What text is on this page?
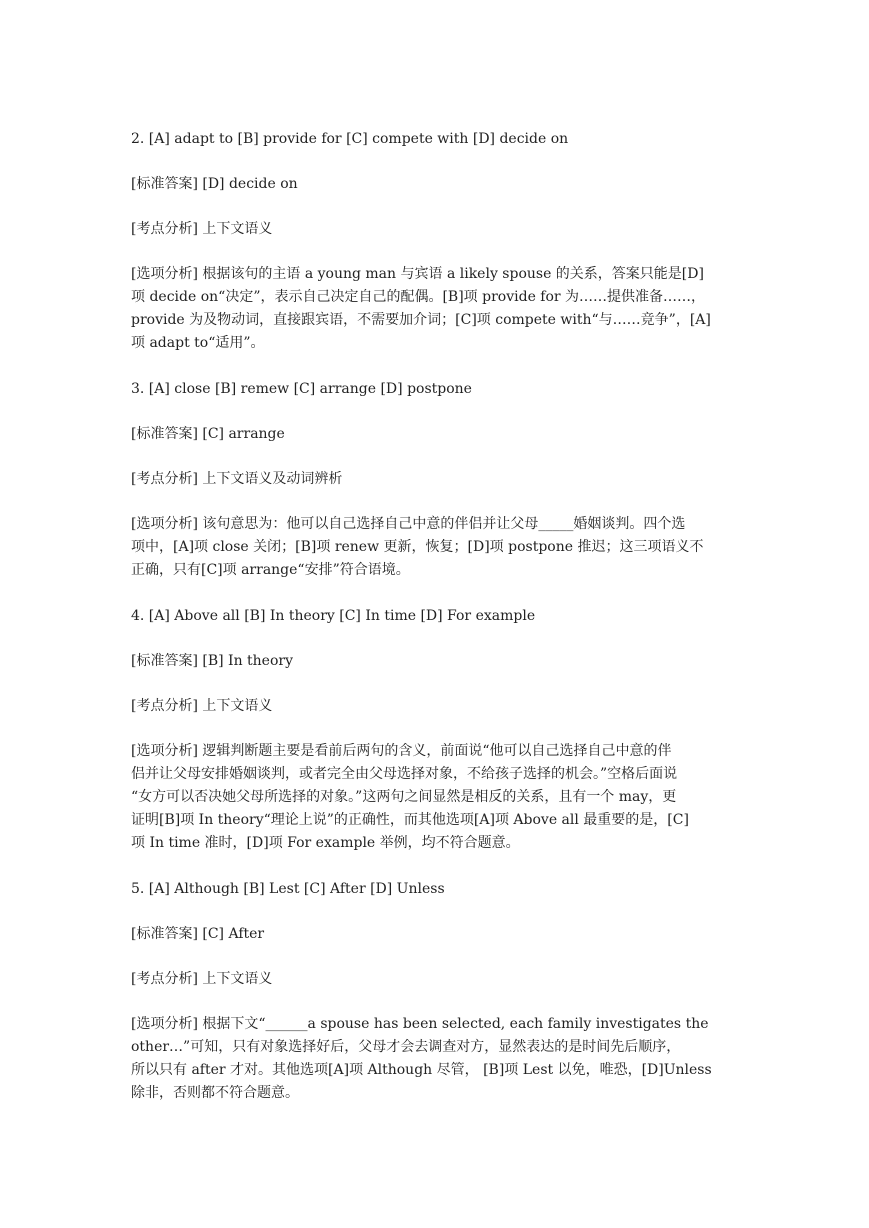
2. [A] adapt to [B] provide for [C] compete with [D] decide on

[标准答案] [D] decide on

[考点分析] 上下文语义

[选项分析] 根据该句的主语 a young man 与宾语 a likely spouse 的关系，答案只能是[D]

项 decide on“决定”，表示自己决定自己的配偶。[B]项 provide for 为……提供准备……，

provide 为及物动词，直接跟宾语，不需要加介词；[C]项 compete with“与……竞争”，[A]

项 adapt to“适用”。

3. [A] close [B] remew [C] arrange [D] postpone

[标准答案] [C] arrange

[考点分析] 上下文语义及动词辨析

[选项分析] 该句意思为：他可以自己选择自己中意的伴侣并让父母_____婚姻谈判。四个选

项中，[A]项 close 关闭；[B]项 renew 更新，恢复；[D]项 postpone 推迟；这三项语义不

正确，只有[C]项 arrange“安排”符合语境。

4. [A] Above all [B] In theory [C] In time [D] For example

[标准答案] [B] In theory

[考点分析] 上下文语义

[选项分析] 逻辑判断题主要是看前后两句的含义，前面说“他可以自己选择自己中意的伴

侣并让父母安排婚姻谈判，或者完全由父母选择对象，不给孩子选择的机会。”空格后面说

“女方可以否决她父母所选择的对象。”这两句之间显然是相反的关系，且有一个 may，更

证明[B]项 In theory“理论上说”的正确性，而其他选项[A]项 Above all 最重要的是，[C]

项 In time 准时，[D]项 For example 举例，均不符合题意。

5. [A] Although [B] Lest [C] After [D] Unless

[标准答案] [C] After

[考点分析] 上下文语义

[选项分析] 根据下文“______a spouse has been selected, each family investigates the

other…”可知，只有对象选择好后，父母才会去调查对方，显然表达的是时间先后顺序，

所以只有 after 才对。其他选项[A]项 Although 尽管， [B]项 Lest 以免，唯恐，[D]Unless

除非，否则都不符合题意。
